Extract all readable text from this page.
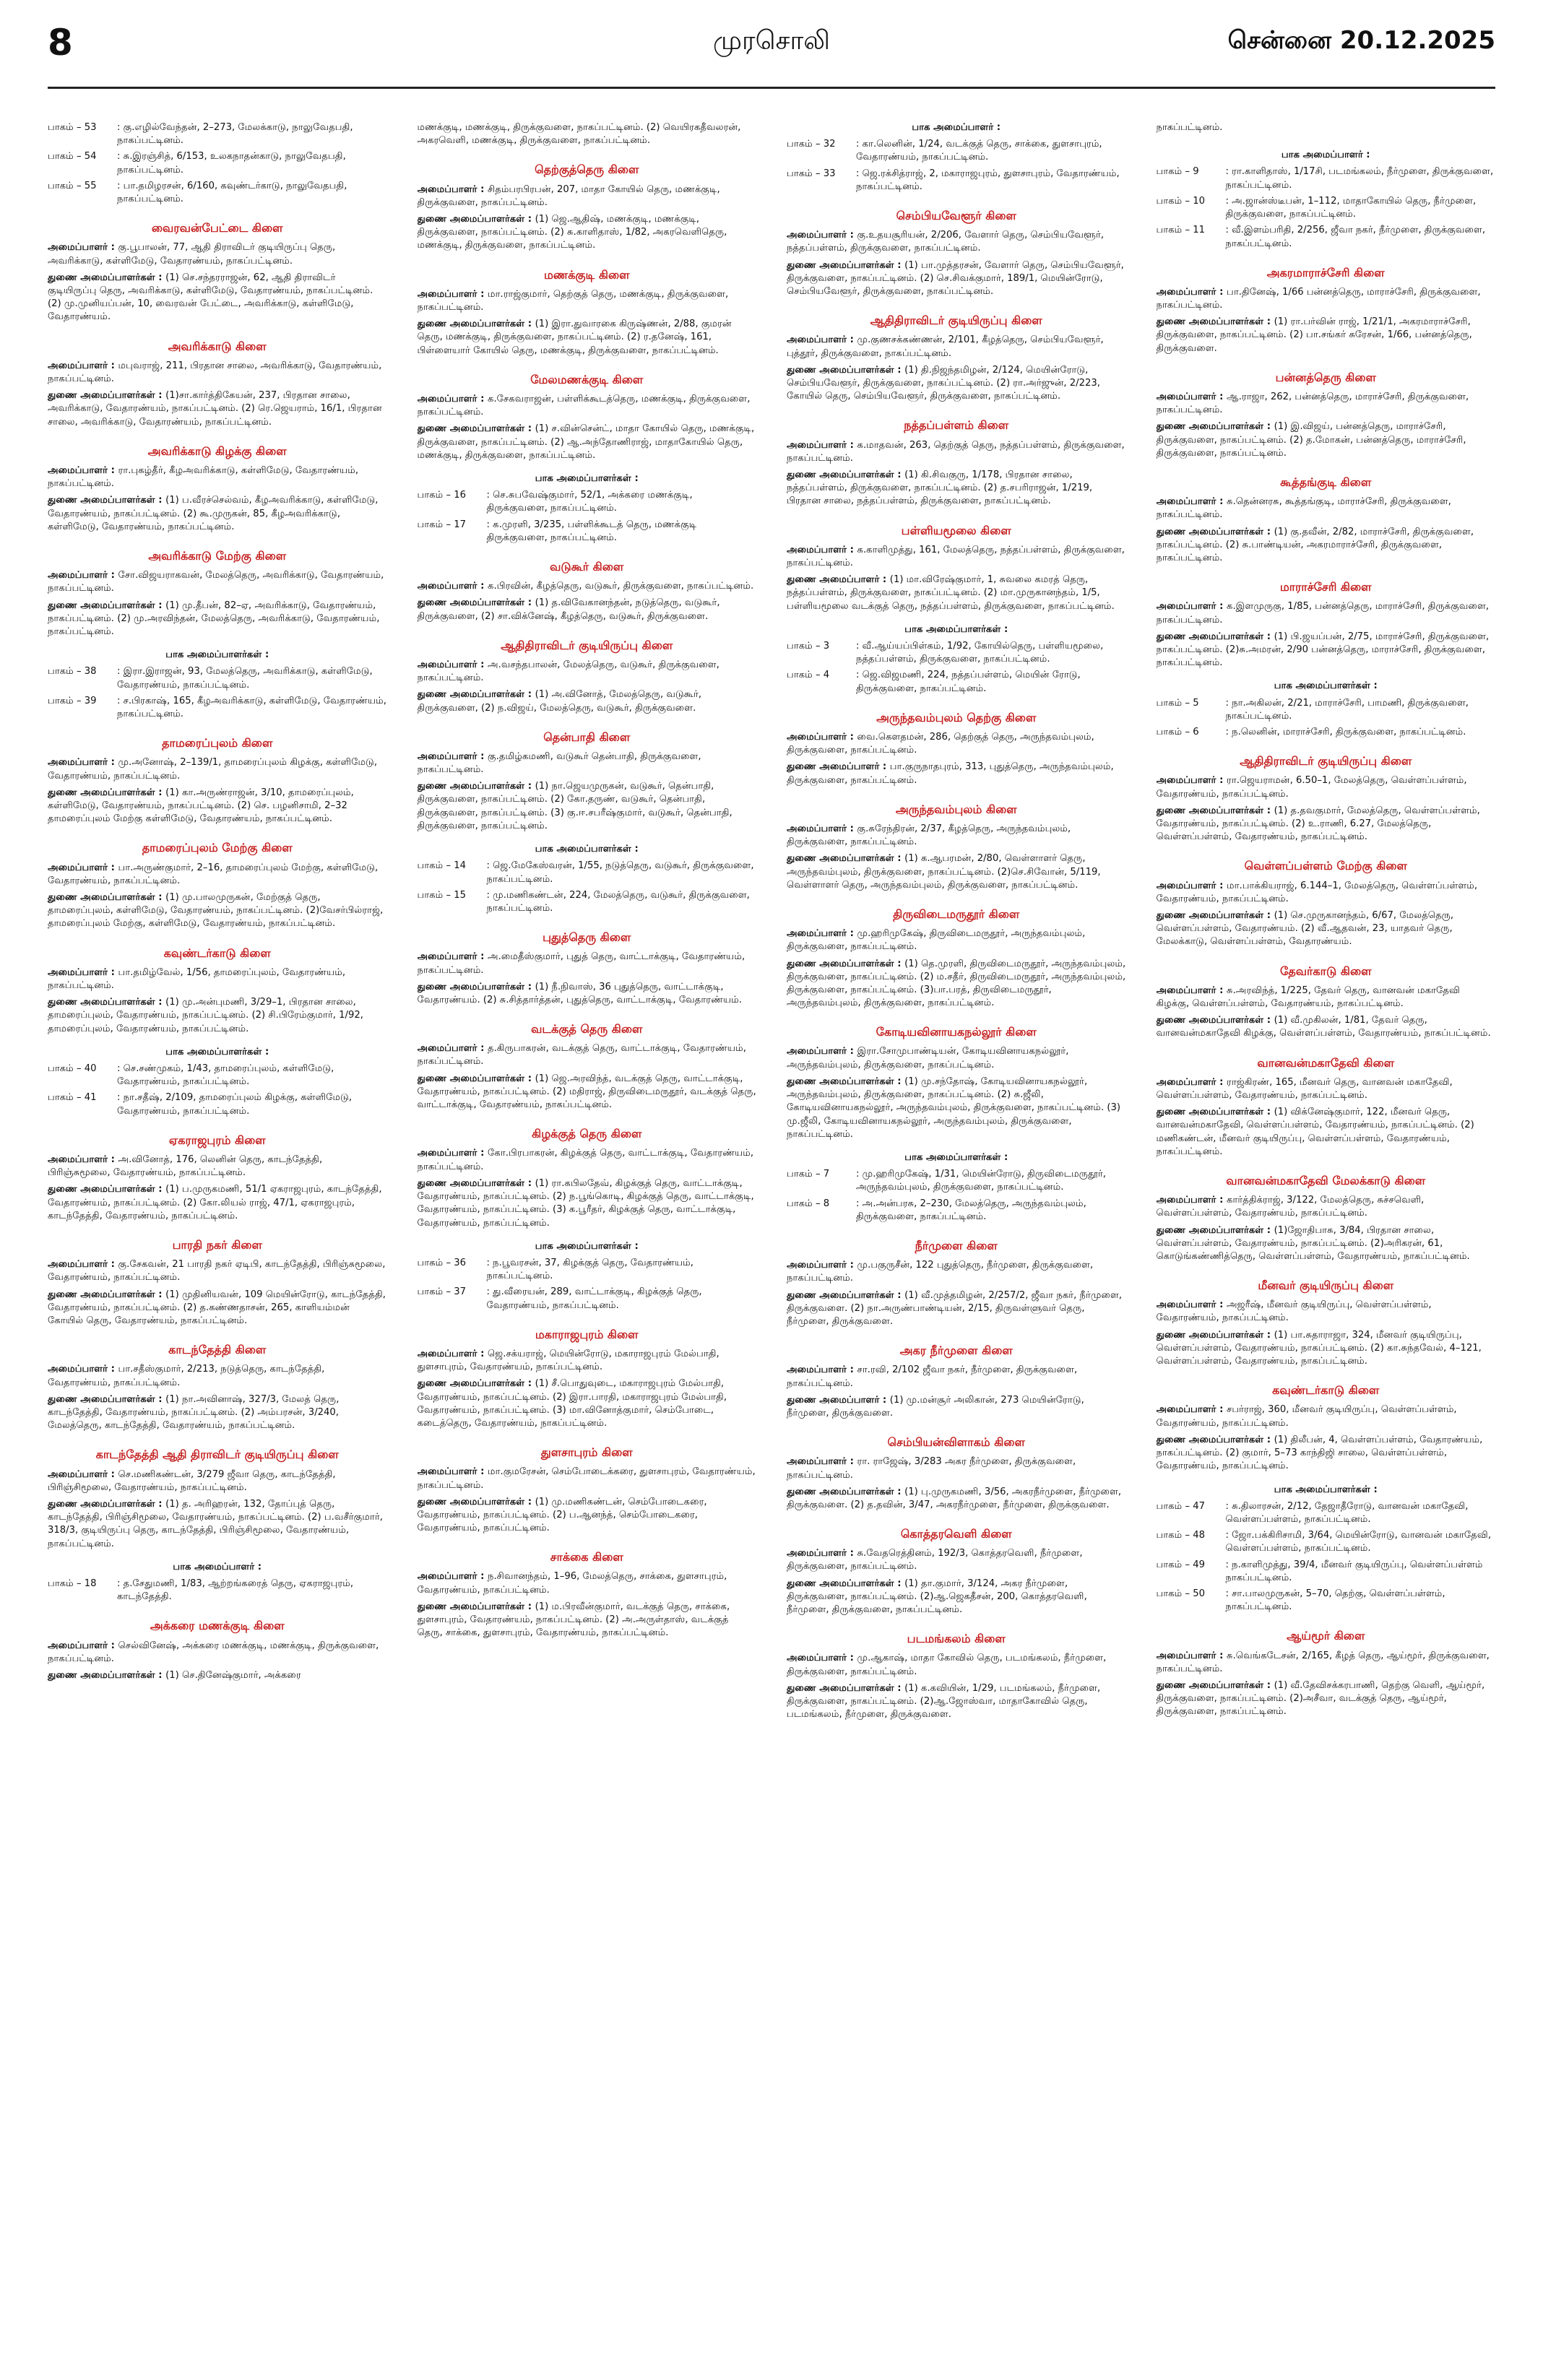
8	முரசொலி	சென்னை 20.12.2025
பாகம் – 53	: கு.எழில்வேந்தன், 2–273, மேலக்காடு, நாலுவேதபதி, நாகப்பட்டினம்.
பாகம் – 54	: சு.இரஞ்சித், 6/153, உலகநாதன்காடு, நாலுவேதபதி, நாகப்பட்டினம்.
பாகம் – 55	: பா.தமிழரசன், 6/160, கவுண்டர்காடு, நாலுவேதபதி, நாகப்பட்டினம்.
வைரவன்பேட்டை கிளை
அமைப்பாளர் : கு.பூபாலன், 77, ஆதி திராவிடர் குடியிருப்பு தெரு, அவரிக்காடு, கள்ளிமேடு, வேதாரண்யம், நாகப்பட்டினம்.
துணை அமைப்பாளர்கள் : (1) செ.சந்தரராஜன், 62, ஆதி திராவிடர் குடியிருப்பு தெரு, அவரிக்காடு, கள்ளிமேடு, வேதாரண்யம், நாகப்பட்டினம். (2) மு.முனியப்பன், 10, வைரவன் பேட்டை, அவரிக்காடு, கள்ளிமேடு, வேதாரண்யம்.
அவரிக்காடு கிளை
அமைப்பாளர் : மபுவராஜ், 211, பிரதான சாலை, அவரிக்காடு, வேதாரண்யம், நாகப்பட்டினம்.
துணை அமைப்பாளர்கள் : (1)சா.கார்த்திகேயன், 237, பிரதான சாலை, அவரிக்காடு, வேதாரண்யம், நாகப்பட்டினம். (2) ரெ.ஜெயராம், 16/1, பிரதான சாலை, அவரிக்காடு, வேதாரண்யம், நாகப்பட்டினம்.
அவரிக்காடு கிழக்கு கிளை
அமைப்பாளர் : ரா.புகழ்தீர், கீழஅவரிக்காடு, கள்ளிமேடு, வேதாரண்யம், நாகப்பட்டினம்.
துணை அமைப்பாளர்கள் : (1) ப.வீரச்செல்வம், கீழஅவரிக்காடு, கள்ளிமேடு, வேதாரண்யம், நாகப்பட்டினம். (2) கூ.முருகன், 85, கீழஅவரிக்காடு, கள்ளிமேடு, வேதாரண்யம், நாகப்பட்டினம்.
அவரிக்காடு மேற்கு கிளை
அமைப்பாளர் : சோ.விஜயராகவன், மேலத்தெரு, அவரிக்காடு, வேதாரண்யம், நாகப்பட்டினம்.
துணை அமைப்பாளர்கள் : (1) மு.தீபன், 82–ஏ, அவரிக்காடு, வேதாரண்யம், நாகப்பட்டினம். (2) மு.அரவிந்தன், மேலத்தெரு, அவரிக்காடு, வேதாரண்யம், நாகப்பட்டினம்.
பாக அமைப்பாளர்கள் :
பாகம் – 38	: இரா.இராஜன், 93, மேலத்தெரு, அவரிக்காடு, கள்ளிமேடு, வேதாரண்யம், நாகப்பட்டினம்.
பாகம் – 39	: ச.பிரகாஷ், 165, கீழஅவரிக்காடு, கள்ளிமேடு, வேதாரண்யம், நாகப்பட்டினம்.
தாமரைப்புலம் கிளை
அமைப்பாளர் : மு.அனோஷ், 2–139/1, தாமரைப்புலம் கிழக்கு, கள்ளிமேடு, வேதாரண்யம், நாகப்பட்டினம்.
துணை அமைப்பாளர்கள் : (1) கா.அருண்ராஜன், 3/10, தாமரைப்புலம், கள்ளிமேடு, வேதாரண்யம், நாகப்பட்டினம். (2) செ. பழனிசாமி, 2–32 தாமரைப்புலம் மேற்கு கள்ளிமேடு, வேதாரண்யம், நாகப்பட்டினம்.
தாமரைப்புலம் மேற்கு கிளை
அமைப்பாளர் : பா.அருண்குமார், 2–16, தாமரைப்புலம் மேற்கு, கள்ளிமேடு, வேதாரண்யம், நாகப்பட்டினம்.
துணை அமைப்பாளர்கள் : (1) மு.பாலமுருகன், மேற்குத் தெரு, தாமரைப்புலம், கள்ளிமேடு, வேதாரண்யம், நாகப்பட்டினம். (2)வேசர்பில்ராஜ், தாமரைப்புலம் மேற்கு, கள்ளிமேடு, வேதாரண்யம், நாகப்பட்டினம்.
கவுண்டர்காடு கிளை
அமைப்பாளர் : பா.தமிழ்வேல், 1/56, தாமரைப்புலம், வேதாரண்யம், நாகப்பட்டினம்.
துணை அமைப்பாளர்கள் : (1) மு.அன்புமணி, 3/29–1, பிரதான சாலை, தாமரைப்புலம், வேதாரண்யம், நாகப்பட்டினம். (2) சி.பிரேம்குமார், 1/92, தாமரைப்புலம், வேதாரண்யம், நாகப்பட்டினம்.
பாக அமைப்பாளர்கள் :
பாகம் – 40	: செ.சண்முகம், 1/43, தாமரைப்புலம், கள்ளிமேடு, வேதாரண்யம், நாகப்பட்டினம்.
பாகம் – 41	: நா.சதீஷ், 2/109, தாமரைப்புலம் கிழக்கு, கள்ளிமேடு, வேதாரண்யம், நாகப்பட்டினம்.
ஏகராஜபுரம் கிளை
அமைப்பாளர் : அ.வினோத், 176, லெனின் தெரு, காடந்தேத்தி, பிரிஞ்சுமூலை, வேதாரண்யம், நாகப்பட்டினம்.
துணை அமைப்பாளர்கள் : (1) ப.முருகமணி, 51/1 ஏகராஜபுரம், காடந்தேத்தி, வேதாரண்யம், நாகப்பட்டினம். (2) கோ.லியல் ராஜ், 47/1, ஏகராஜபுரம், காடந்தேத்தி, வேதாரண்யம், நாகப்பட்டினம்.
பாரதி நகர் கிளை
அமைப்பாளர் : கு.சேகவன், 21 பாரதி நகர் ஏடிபி, காடந்தேத்தி, பிரிஞ்சுமூலை, வேதாரண்யம், நாகப்பட்டினம்.
துணை அமைப்பாளர்கள் : (1) முதினியவன், 109 மெயின்ரோடு, காடந்தேத்தி, வேதாரண்யம், நாகப்பட்டினம். (2) த.கண்ணதாசன், 265, காளியம்மன் கோயில் தெரு, வேதாரண்யம், நாகப்பட்டினம்.
காடந்தேத்தி கிளை
அமைப்பாளர் : பா.சதீஸ்குமார், 2/213, நடுத்தெரு, காடந்தேத்தி, வேதாரண்யம், நாகப்பட்டினம்.
துணை அமைப்பாளர்கள் : (1) நா.அவினாஷ், 327/3, மேலத் தெரு, காடந்தேத்தி, வேதாரண்யம், நாகப்பட்டினம். (2) அம்பரசன், 3/240, மேலத்தெரு, காடந்தேத்தி, வேதாரண்யம், நாகப்பட்டினம்.
காடந்தேத்தி ஆதி திராவிடர் குடியிருப்பு கிளை
அமைப்பாளர் : செ.மணிகண்டன், 3/279 ஜீவா தெரு, காடந்தேத்தி, பிரிஞ்சிமூலை, வேதாரண்யம், நாகப்பட்டினம்.
துணை அமைப்பாளர்கள் : (1) த. அரிஹரன், 132, தோப்புத் தெரு, காடந்தேத்தி, பிரிஞ்சிமூலை, வேதாரண்யம், நாகப்பட்டினம். (2) ப.வசீர்குமார், 318/3, குடியிருப்பு தெரு, காடந்தேத்தி, பிரிஞ்சிமூலை, வேதாரண்யம், நாகப்பட்டினம்.
பாக அமைப்பாளர் :
பாகம் – 18	: த.சேதுமணி, 1/83, ஆற்றங்கரைத் தெரு, ஏகராஜபுரம், காடந்தேத்தி.
அக்கரை மணக்குடி கிளை
அமைப்பாளர் : செல்வினேஷ், அக்கரை மணக்குடி, மணக்குடி, திருக்குவளை, நாகப்பட்டினம்.
துணை அமைப்பாளர்கள் : (1) செ.தினேஷ்குமார், அக்கரை
மணக்குடி, மணக்குடி, திருக்குவளை, நாகப்பட்டினம். (2) வெயிரகதீவலரன், அகரவெளி, மணக்குடி, திருக்குவளை, நாகப்பட்டினம்.
தெற்குத்தெரு கிளை
அமைப்பாளர் : சிதம்பரபிரபன், 207, மாதா கோயில் தெரு, மணக்குடி, திருக்குவளை, நாகப்பட்டினம்.
துணை அமைப்பாளர்கள் : (1) ஜெ.ஆதிஷ், மணக்குடி, மணக்குடி, திருக்குவளை, நாகப்பட்டினம். (2) சு.காளிதாஸ், 1/82, அகரவெளிதெரு, மணக்குடி, திருக்குவளை, நாகப்பட்டினம்.
மணக்குடி கிளை
அமைப்பாளர் : மா.ராஜ்குமார், தெற்குத் தெரு, மணக்குடி, திருக்குவளை, நாகப்பட்டினம்.
துணை அமைப்பாளர்கள் : (1) இரா.துவாரகை கிருஷ்ணன், 2/88, குமரன் தெரு, மணக்குடி, திருக்குவளை, நாகப்பட்டினம். (2) ர.தனேஷ், 161, பிள்ளையார் கோயில் தெரு, மணக்குடி, திருக்குவளை, நாகப்பட்டினம்.
மேலமணக்குடி கிளை
அமைப்பாளர் : க.சேகவராஜன், பள்ளிக்கூடத்தெரு, மணக்குடி, திருக்குவளை, நாகப்பட்டினம்.
துணை அமைப்பாளர்கள் : (1) ச.வின்சென்ட், மாதா கோயில் தெரு, மணக்குடி, திருக்குவளை, நாகப்பட்டினம். (2) ஆ.அந்தோணிராஜ், மாதாகோயில் தெரு, மணக்குடி, திருக்குவளை, நாகப்பட்டினம்.
பாக அமைப்பாளர்கள் :
பாகம் – 16	: செ.சுபவேஷ்குமார், 52/1, அக்கரை மணக்குடி, திருக்குவளை, நாகப்பட்டினம்.
பாகம் – 17	: க.முரளி, 3/235, பள்ளிக்கூடத் தெரு, மணக்குடி திருக்குவளை, நாகப்பட்டினம்.
வடுகூர் கிளை
அமைப்பாளர் : க.பிரவின், கீழத்தெரு, வடுகூர், திருக்குவளை, நாகப்பட்டினம்.
துணை அமைப்பாளர்கள் : (1) த.விவேகானந்தன், நடுத்தெரு, வடுகூர், திருக்குவளை, (2) சா.விக்னேஷ், கீழத்தெரு, வடுகூர், திருக்குவளை.
ஆதிதிராவிடர் குடியிருப்பு கிளை
அமைப்பாளர் : அ.வசந்தபாலன், மேலத்தெரு, வடுகூர், திருக்குவளை, நாகப்பட்டினம்.
துணை அமைப்பாளர்கள் : (1) அ.வினோத், மேலத்தெரு, வடுகூர், திருக்குவளை, (2) ந.விஜய், மேலத்தெரு, வடுகூர், திருக்குவளை.
தென்பாதி கிளை
அமைப்பாளர் : கு.தமிழ்கமணி, வடுகூர் தென்பாதி, திருக்குவளை, நாகப்பட்டினம்.
துணை அமைப்பாளர்கள் : (1) நா.ஜெயமுருகன், வடுகூர், தென்பாதி, திருக்குவளை, நாகப்பட்டினம். (2) கோ.தருண், வடுகூர், தென்பாதி, திருக்குவளை, நாகப்பட்டினம். (3) கு.ஈ.சபரீஷ்குமார், வடுகூர், தென்பாதி, திருக்குவளை, நாகப்பட்டினம்.
பாக அமைப்பாளர்கள் :
பாகம் – 14	: ஜெ.மேகேஸ்வரன், 1/55, நடுத்தெரு, வடுகூர், திருக்குவளை, நாகப்பட்டினம்.
பாகம் – 15	: மு.மணிகண்டன், 224, மேலத்தெரு, வடுகூர், திருக்குவளை, நாகப்பட்டினம்.
புதுத்தெரு கிளை
அமைப்பாளர் : அ.மைதீஸ்குமார், புதுத் தெரு, வாட்டாக்குடி, வேதாரண்யம், நாகப்பட்டினம்.
துணை அமைப்பாளர்கள் : (1) நீ.நிவாஸ், 36 புதுத்தெரு, வாட்டாக்குடி, வேதாரண்யம். (2) சு.சித்தார்த்தன், புதுத்தெரு, வாட்டாக்குடி, வேதாரண்யம்.
வடக்குத் தெரு கிளை
அமைப்பாளர் : த.கிருபாகரன், வடக்குத் தெரு, வாட்டாக்குடி, வேதாரண்யம், நாகப்பட்டினம்.
துணை அமைப்பாளர்கள் : (1) ஜெ.அரவிந்த், வடக்குத் தெரு, வாட்டாக்குடி, வேதாரண்யம், நாகப்பட்டினம். (2) மதிராஜ், திருவிடைமருதூர், வடக்குத் தெரு, வாட்டாக்குடி, வேதாரண்யம், நாகப்பட்டினம்.
கிழக்குத் தெரு கிளை
அமைப்பாளர் : கோ.பிரபாகரன், கிழக்குத் தெரு, வாட்டாக்குடி, வேதாரண்யம், நாகப்பட்டினம்.
துணை அமைப்பாளர்கள் : (1) ரா.கபிலதேவ், கிழக்குத் தெரு, வாட்டாக்குடி, வேதாரண்யம், நாகப்பட்டினம். (2) ந.பூங்கொடி, கிழக்குத் தெரு, வாட்டாக்குடி, வேதாரண்யம், நாகப்பட்டினம். (3) க.பூரீதர், கிழக்குத் தெரு, வாட்டாக்குடி, வேதாரண்யம், நாகப்பட்டினம்.
பாக அமைப்பாளர்கள் :
பாகம் – 36	: ந.பூவரசன், 37, கிழக்குத் தெரு, வேதாரண்யம், நாகப்பட்டினம்.
பாகம் – 37	: து.வீரையன், 289, வாட்டாக்குடி, கிழக்குத் தெரு, வேதாரண்யம், நாகப்பட்டினம்.
மகாராஜபுரம் கிளை
அமைப்பாளர் : ஜெ.சக்யராஜ், மெயின்ரோடு, மகாராஜபுரம் மேல்பாதி, துளசாபுரம், வேதாரண்யம், நாகப்பட்டினம்.
துணை அமைப்பாளர்கள் : (1) சீ.பொதுவுடை, மகாராஜபுரம் மேல்பாதி, வேதாரண்யம், நாகப்பட்டினம். (2) இரா.பாரதி, மகாராஜபுரம் மேல்பாதி, வேதாரண்யம், நாகப்பட்டினம். (3) மா.வினோத்குமார், செம்போடை, கடைத்தெரு, வேதாரண்யம், நாகப்பட்டினம்.
துளசாபுரம் கிளை
அமைப்பாளர் : மா.குமரேசன், செம்போடைக்கரை, துளசாபுரம், வேதாரண்யம், நாகப்பட்டினம்.
துணை அமைப்பாளர்கள் : (1) மு.மணிகண்டன், செம்போடைகரை, வேதாரண்யம், நாகப்பட்டினம். (2) ப.ஆனந்த், செம்போடைகரை, வேதாரண்யம், நாகப்பட்டினம்.
சாக்கை கிளை
அமைப்பாளர் : ந.சிவானந்தம், 1–96, மேலத்தெரு, சாக்கை, துளசாபுரம், வேதாரண்யம், நாகப்பட்டினம்.
துணை அமைப்பாளர்கள் : (1) ம.பிரவீன்குமார், வடக்குத் தெரு, சாக்கை, துளசாபுரம், வேதாரண்யம், நாகப்பட்டினம். (2) அ.அருள்தாஸ், வடக்குத் தெரு, சாக்கை, துளசாபுரம், வேதாரண்யம், நாகப்பட்டினம்.
பாக அமைப்பாளர் :
பாகம் – 32	: கா.லெனின், 1/24, வடக்குத் தெரு, சாக்கை, துளசாபுரம், வேதாரண்யம், நாகப்பட்டினம்.
பாகம் – 33	: ஜெ.ரக்சித்ராஜ், 2, மகாராஜபுரம், துளசாபுரம், வேதாரண்யம், நாகப்பட்டினம்.
செம்பியவேளூர் கிளை
அமைப்பாளர் : கு.உதயசூரியன், 2/206, வேளார் தெரு, செம்பியவேளூர், நத்தப்பள்ளம், திருக்குவளை, நாகப்பட்டினம்.
துணை அமைப்பாளர்கள் : (1) பா.முத்தரசன், வேளார் தெரு, செம்பியவேளூர், திருக்குவளை, நாகப்பட்டினம். (2) செ.சிவக்குமார், 189/1, மெயின்ரோடு, செம்பியவேளூர், திருக்குவளை, நாகப்பட்டினம்.
ஆதிதிராவிடர் குடியிருப்பு கிளை
அமைப்பாளர் : மு.குணசக்கண்ணன், 2/101, கீழத்தெரு, செம்பியவேளூர், புத்தூர், திருக்குவளை, நாகப்பட்டினம்.
துணை அமைப்பாளர்கள் : (1) தி.நிஜந்தமிழன், 2/124, மெயின்ரோடு, செம்பியவேளூர், திருக்குவளை, நாகப்பட்டினம். (2) ரா.அர்ஜுன், 2/223, கோயில் தெரு, செம்பியவேளூர், திருக்குவளை, நாகப்பட்டினம்.
நத்தப்பள்ளம் கிளை
அமைப்பாளர் : க.மாதவன், 263, தெற்குத் தெரு, நத்தப்பள்ளம், திருக்குவளை, நாகப்பட்டினம்.
துணை அமைப்பாளர்கள் : (1) கி.சிவகுரு, 1/178, பிரதான சாலை, நத்தப்பள்ளம், திருக்குவளை, நாகப்பட்டினம். (2) த.சபரிராஜன், 1/219, பிரதான சாலை, நத்தப்பள்ளம், திருக்குவளை, நாகப்பட்டினம்.
பள்ளியமூலை கிளை
அமைப்பாளர் : க.காளிமுத்து, 161, மேலத்தெரு, நத்தப்பள்ளம், திருக்குவளை, நாகப்பட்டினம்.
துணை அமைப்பாளர் : (1) மா.விரேஷ்குமார், 1, சுவலை கமரத் தெரு, நத்தப்பள்ளம், திருக்குவளை, நாகப்பட்டினம். (2) மா.முருகானந்தம், 1/5, பள்ளியமூலை வடக்குத் தெரு, நத்தப்பள்ளம், திருக்குவளை, நாகப்பட்டினம்.
பாக அமைப்பாளர்கள் :
பாகம் – 3	: வீ.ஆய்யப்பிள்கம், 1/92, கோயில்தெரு, பள்ளியமூலை, நத்தப்பள்ளம், திருக்குவளை, நாகப்பட்டினம்.
பாகம் – 4	: ஜெ.விஜமணி, 224, நத்தப்பள்ளம், மெயின் ரோடு, திருக்குவளை, நாகப்பட்டினம்.
அருந்தவம்புலம் தெற்கு கிளை
அமைப்பாளர் : வை.கௌதமன், 286, தெற்குத் தெரு, அருந்தவம்புலம், திருக்குவளை, நாகப்பட்டினம்.
துணை அமைப்பாளர் : பா.குருநாதபுரம், 313, புதுத்தெரு, அருந்தவம்புலம், திருக்குவளை, நாகப்பட்டினம்.
அருந்தவம்புலம் கிளை
அமைப்பாளர் : கு.சுரேந்திரன், 2/37, கீழத்தெரு, அருந்தவம்புலம், திருக்குவளை, நாகப்பட்டினம்.
துணை அமைப்பாளர்கள் : (1) க.ஆபரமன், 2/80, வெள்ளாளர் தெரு, அருந்தவம்புலம், திருக்குவளை, நாகப்பட்டினம். (2)செ.சிவோன், 5/119, வெள்ளாளர் தெரு, அருந்தவம்புலம், திருக்குவளை, நாகப்பட்டினம்.
திருவிடைமருதூர் கிளை
அமைப்பாளர் : மு.ஹரிமுகேஷ், திருவிடைமருதூர், அருந்தவம்புலம், திருக்குவளை, நாகப்பட்டினம்.
துணை அமைப்பாளர்கள் : (1) தெ.முரளி, திருவிடைமருதூர், அருந்தவம்புலம், திருக்குவளை, நாகப்பட்டினம். (2) ம.சதீர், திருவிடைமருதூர், அருந்தவம்புலம், திருக்குவளை, நாகப்பட்டினம். (3)பா.பரத், திருவிடைமருதூர், அருந்தவம்புலம், திருக்குவளை, நாகப்பட்டினம்.
கோடியவினாயகநல்லூர் கிளை
அமைப்பாளர் : இரா.சோமுபாண்டியன், கோடியவினாயகநல்லூர், அருந்தவம்புலம், திருக்குவளை, நாகப்பட்டினம்.
துணை அமைப்பாளர்கள் : (1) மு.சந்தோஷ், கோடியவினாயகநல்லூர், அருந்தவம்புலம், திருக்குவளை, நாகப்பட்டினம். (2) சு.ஜீலி, கோடியவினாயகநல்லூர், அருந்தவம்புலம், திருக்குவளை, நாகப்பட்டினம். (3) மு.ஜீலி, கோடியவினாயகநல்லூர், அருந்தவம்புலம், திருக்குவளை, நாகப்பட்டினம்.
பாக அமைப்பாளர்கள் :
பாகம் – 7	: மு.ஹரிமுகேஷ், 1/31, மெயின்ரோடு, திருவிடைமருதூர், அருந்தவம்புலம், திருக்குவளை, நாகப்பட்டினம்.
பாகம் – 8	: அ.அன்பரசு, 2–230, மேலத்தெரு, அருந்தவம்புலம், திருக்குவளை, நாகப்பட்டினம்.
நீர்முளை கிளை
அமைப்பாளர் : மு.பகுருசீன், 122 புதுத்தெரு, நீர்முளை, திருக்குவளை, நாகப்பட்டினம்.
துணை அமைப்பாளர்கள் : (1) வீ.முத்தமிழன், 2/257/2, ஜீவா நகர், நீர்முளை, திருக்குவளை. (2) நா.அருண்பாண்டியன், 2/15, திருவள்ளுவர் தெரு, நீர்முளை, திருக்குவளை.
அகர நீர்முளை கிளை
அமைப்பாளர் : சா.ரவி, 2/102 ஜீவா நகர், நீர்முளை, திருக்குவளை, நாகப்பட்டினம்.
துணை அமைப்பாளர் : (1) மு.மன்சூர் அலிகான், 273 மெயின்ரோடு, நீர்முளை, திருக்குவளை.
செம்பியன்விளாகம் கிளை
அமைப்பாளர் : ரா. ராஜேஷ், 3/283 அகர நீர்முளை, திருக்குவளை, நாகப்பட்டினம்.
துணை அமைப்பாளர்கள் : (1) பு.முருகமணி, 3/56, அகரநீர்முளை, நீர்முளை, திருக்குவளை. (2) த.தவின், 3/47, அகரநீர்முளை, நீர்முளை, திருக்குவளை.
கொத்தரவெளி கிளை
அமைப்பாளர் : சு.வேதரெத்தினம், 192/3, கொத்தரவெளி, நீர்முளை, திருக்குவளை, நாகப்பட்டினம்.
துணை அமைப்பாளர்கள் : (1) தா.குமார், 3/124, அகர நீர்முளை, திருக்குவளை, நாகப்பட்டினம். (2)ஆ.ஜெகதீசன், 200, கொத்தரவெளி, நீர்முளை, திருக்குவளை, நாகப்பட்டினம்.
படமங்கலம் கிளை
அமைப்பாளர் : மு.ஆகாஷ், மாதா கோவில் தெரு, படமங்கலம், நீர்முளை, திருக்குவளை, நாகப்பட்டினம்.
துணை அமைப்பாளர்கள் : (1) க.கவியின், 1/29, படமங்கலம், நீர்முளை, திருக்குவளை, நாகப்பட்டினம். (2)ஆ.ஜோஸ்வா, மாதாகோவில் தெரு, படமங்கலம், நீர்முளை, திருக்குவளை.
நாகப்பட்டினம்.
பாக அமைப்பாளர் :
பாகம் – 9	: ரா.காளிதாஸ், 1/17சி, படமங்கலம், நீர்முளை, திருக்குவளை, நாகப்பட்டினம்.
பாகம் – 10	: அ.ஜான்ஸ்டீபன், 1–112, மாதாகோயில் தெரு, நீர்முளை, திருக்குவளை, நாகப்பட்டினம்.
பாகம் – 11	: வீ.இளம்பரிதி, 2/256, ஜீவா நகர், நீர்முளை, திருக்குவளை, நாகப்பட்டினம்.
அகரமாராச்சேரி கிளை
அமைப்பாளர் : பா.தினேஷ், 1/66 பன்னத்தெரு, மாராச்சேரி, திருக்குவளை, நாகப்பட்டினம்.
துணை அமைப்பாளர்கள் : (1) ரா.பர்வின் ராஜ், 1/21/1, அகரமாராச்சேரி, திருக்குவளை, நாகப்பட்டினம். (2) பா.சங்கர் சுரேசன், 1/66, பன்னத்தெரு, திருக்குவளை.
பன்னத்தெரு கிளை
அமைப்பாளர் : ஆ.ராஜா, 262, பன்னத்தெரு, மாராச்சேரி, திருக்குவளை, நாகப்பட்டினம்.
துணை அமைப்பாளர்கள் : (1) இ.விஜய், பன்னத்தெரு, மாராச்சேரி, திருக்குவளை, நாகப்பட்டினம். (2) த.மோகன், பன்னத்தெரு, மாராச்சேரி, திருக்குவளை, நாகப்பட்டினம்.
கூத்தங்குடி கிளை
அமைப்பாளர் : சு.தென்னரசு, கூத்தங்குடி, மாராச்சேரி, திருக்குவளை, நாகப்பட்டினம்.
துணை அமைப்பாளர்கள் : (1) கு.தவீன், 2/82, மாராச்சேரி, திருக்குவளை, நாகப்பட்டினம். (2) சு.பாண்டியன், அகரமாராச்சேரி, திருக்குவளை, நாகப்பட்டினம்.
மாராச்சேரி கிளை
அமைப்பாளர் : க.இளமுருகு, 1/85, பன்னத்தெரு, மாராச்சேரி, திருக்குவளை, நாகப்பட்டினம்.
துணை அமைப்பாளர்கள் : (1) பி.ஜயப்பன், 2/75, மாராச்சேரி, திருக்குவளை, நாகப்பட்டினம். (2)சு.அமரன், 2/90 பன்னத்தெரு, மாராச்சேரி, திருக்குவளை, நாகப்பட்டினம்.
பாக அமைப்பாளர்கள் :
பாகம் – 5	: நா.அகிலன், 2/21, மாராச்சேரி, பாமணி, திருக்குவளை, நாகப்பட்டினம்.
பாகம் – 6	: ந.லெனின், மாராச்சேரி, திருக்குவளை, நாகப்பட்டினம்.
ஆதிதிராவிடர் குடியிருப்பு கிளை
அமைப்பாளர் : ரா.ஜெயராமன், 6.50–1, மேலத்தெரு, வெள்ளப்பள்ளம், வேதாரண்யம், நாகப்பட்டினம்.
துணை அமைப்பாளர்கள் : (1) த.தவகுமார், மேலத்தெரு, வெள்ளப்பள்ளம், வேதாரண்யம், நாகப்பட்டினம். (2) உ.ராணி, 6.27, மேலத்தெரு, வெள்ளப்பள்ளம், வேதாரண்யம், நாகப்பட்டினம்.
வெள்ளப்பள்ளம் மேற்கு கிளை
அமைப்பாளர் : மா.பாக்கியராஜ், 6.144–1, மேலத்தெரு, வெள்ளப்பள்ளம், வேதாரண்யம், நாகப்பட்டினம்.
துணை அமைப்பாளர்கள் : (1) செ.முருகானந்தம், 6/67, மேலத்தெரு, வெள்ளப்பள்ளம், வேதாரண்யம். (2) வீ.ஆதவன், 23, யாதவர் தெரு, மேலக்காடு, வெள்ளப்பள்ளம், வேதாரண்யம்.
தேவர்காடு கிளை
அமைப்பாளர் : சு.அரவிந்த், 1/225, தேவர் தெரு, வானவன் மகாதேவி கிழக்கு, வெள்ளப்பள்ளம், வேதாரண்யம், நாகப்பட்டினம்.
துணை அமைப்பாளர்கள் : (1) வீ.முகிலன், 1/81, தேவர் தெரு, வானவன்மகாதேவி கிழக்கு, வெள்ளப்பள்ளம், வேதாரண்யம், நாகப்பட்டினம்.
வானவன்மகாதேவி கிளை
அமைப்பாளர் : ராஜ்கிரண், 165, மீனவர் தெரு, வானவன் மகாதேவி, வெள்ளப்பள்ளம், வேதாரண்யம், நாகப்பட்டினம்.
துணை அமைப்பாளர்கள் : (1) விக்னேஷ்குமார், 122, மீனவர் தெரு, வானவன்மகாதேவி, வெள்ளப்பள்ளம், வேதாரண்யம், நாகப்பட்டினம். (2) மணிகண்டன், மீனவர் குடியிருப்பு, வெள்ளப்பள்ளம், வேதாரண்யம், நாகப்பட்டினம்.
வானவன்மகாதேவி மேலக்காடு கிளை
அமைப்பாளர் : கார்த்திக்ராஜ், 3/122, மேலத்தெரு, சுச்சவெளி, வெள்ளப்பள்ளம், வேதாரண்யம், நாகப்பட்டினம்.
துணை அமைப்பாளர்கள் : (1)ஜோதிபாசு, 3/84, பிரதான சாலை, வெள்ளப்பள்ளம், வேதாரண்யம், நாகப்பட்டினம். (2)அரிகரன், 61, கொடுங்கண்ணித்தெரு, வெள்ளப்பள்ளம், வேதாரண்யம், நாகப்பட்டினம்.
மீனவர் குடியிருப்பு கிளை
அமைப்பாளர் : அஜரீஷ், மீனவர் குடியிருப்பு, வெள்ளப்பள்ளம், வேதாரண்யம், நாகப்பட்டினம்.
துணை அமைப்பாளர்கள் : (1) பா.சுதாராஜா, 324, மீனவர் குடியிருப்பு, வெள்ளப்பள்ளம், வேதாரண்யம், நாகப்பட்டினம். (2) கா.சுந்தவேல், 4–121, வெள்ளப்பள்ளம், வேதாரண்யம், நாகப்பட்டினம்.
கவுண்டர்காடு கிளை
அமைப்பாளர் : சபர்ராஜ், 360, மீனவர் குடியிருப்பு, வெள்ளப்பள்ளம், வேதாரண்யம், நாகப்பட்டினம்.
துணை அமைப்பாளர்கள் : (1) திலீபன், 4, வெள்ளப்பள்ளம், வேதாரண்யம், நாகப்பட்டினம். (2) குமார், 5–73 காந்திஜி சாலை, வெள்ளப்பள்ளம், வேதாரண்யம், நாகப்பட்டினம்.
பாக அமைப்பாளர்கள் :
பாகம் – 47	: சு.திலாரசன், 2/12, தேஜாதீரோடு, வானவன் மகாதேவி, வெள்ளப்பள்ளம், நாகப்பட்டினம்.
பாகம் – 48	: ஜோ.பக்கிரிசாமி, 3/64, மெயின்ரோடு, வானவன் மகாதேவி, வெள்ளப்பள்ளம், நாகப்பட்டினம்.
பாகம் – 49	: ந.காளிமுத்து, 39/4, மீனவர் குடியிருப்பு, வெள்ளப்பள்ளம் நாகப்பட்டினம்.
பாகம் – 50	: சா.பாலமுருகன், 5–70, தெற்கு, வெள்ளப்பள்ளம், நாகப்பட்டினம்.
ஆய்மூர் கிளை
அமைப்பாளர் : சு.வெங்கடேசன், 2/165, கீழத் தெரு, ஆய்மூர், திருக்குவளை, நாகப்பட்டினம்.
துணை அமைப்பாளர்கள் : (1) வீ.தேவிசக்கரபாணி, தெற்கு வெளி, ஆய்மூர், திருக்குவளை, நாகப்பட்டினம். (2)அசீவா, வடக்குத் தெரு, ஆய்மூர், திருக்குவளை, நாகப்பட்டினம்.
